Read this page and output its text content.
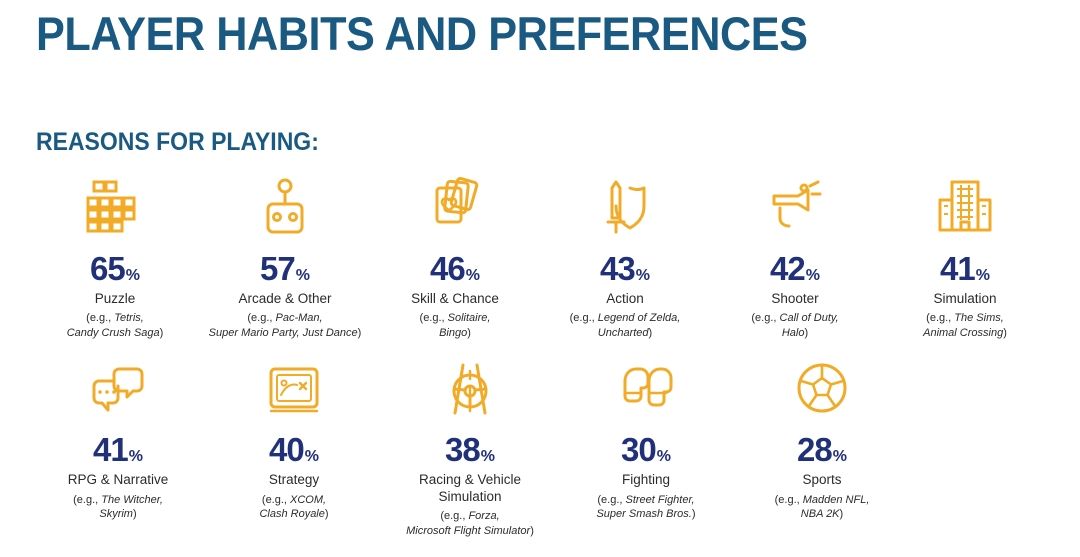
PLAYER HABITS AND PREFERENCES
REASONS FOR PLAYING:
65%
Puzzle
(e.g., Tetris,
Candy Crush Saga)
57%
Arcade & Other
(e.g., Pac-Man,
Super Mario Party, Just Dance)
46%
Skill & Chance
(e.g., Solitaire,
Bingo)
43%
Action
(e.g., Legend of Zelda,
Uncharted)
42%
Shooter
(e.g., Call of Duty,
Halo)
41%
Simulation
(e.g., The Sims,
Animal Crossing)
41%
RPG & Narrative
(e.g., The Witcher,
Skyrim)
40%
Strategy
(e.g., XCOM,
Clash Royale)
38%
Racing & Vehicle Simulation
(e.g., Forza,
Microsoft Flight Simulator)
30%
Fighting
(e.g., Street Fighter,
Super Smash Bros.)
28%
Sports
(e.g., Madden NFL,
NBA 2K)
